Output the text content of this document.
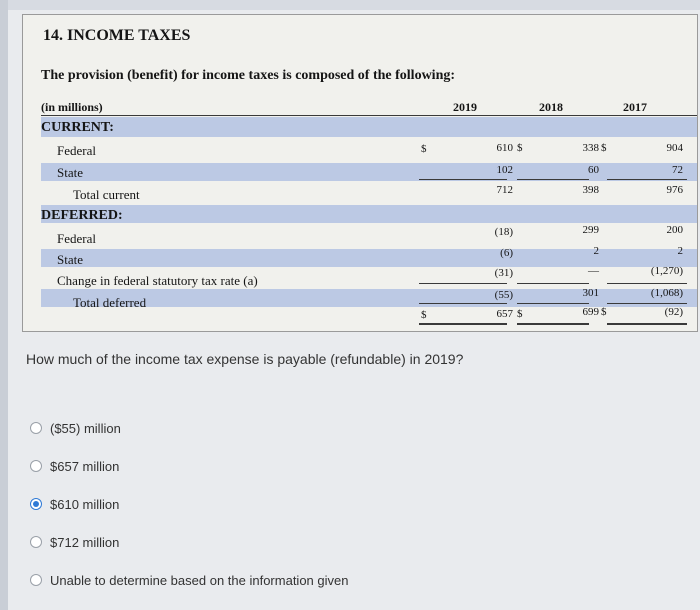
14. INCOME TAXES
The provision (benefit) for income taxes is composed of the following:
(in millions)	2019	2018	2017
CURRENT:
Federal	$	610 $	338 $	904
State	102	60	72
Total current	712	398	976
DEFERRED:
Federal	(18)	299	200
State	(6)	2	2
Change in federal statutory tax rate (a)	(31)	—	(1,270)
Total deferred	(55)	301	(1,068)
$	657 $	699 $	(92)
How much of the income tax expense is payable (refundable) in 2019?
($55) million
$657 million
$610 million
$712 million
Unable to determine based on the information given
